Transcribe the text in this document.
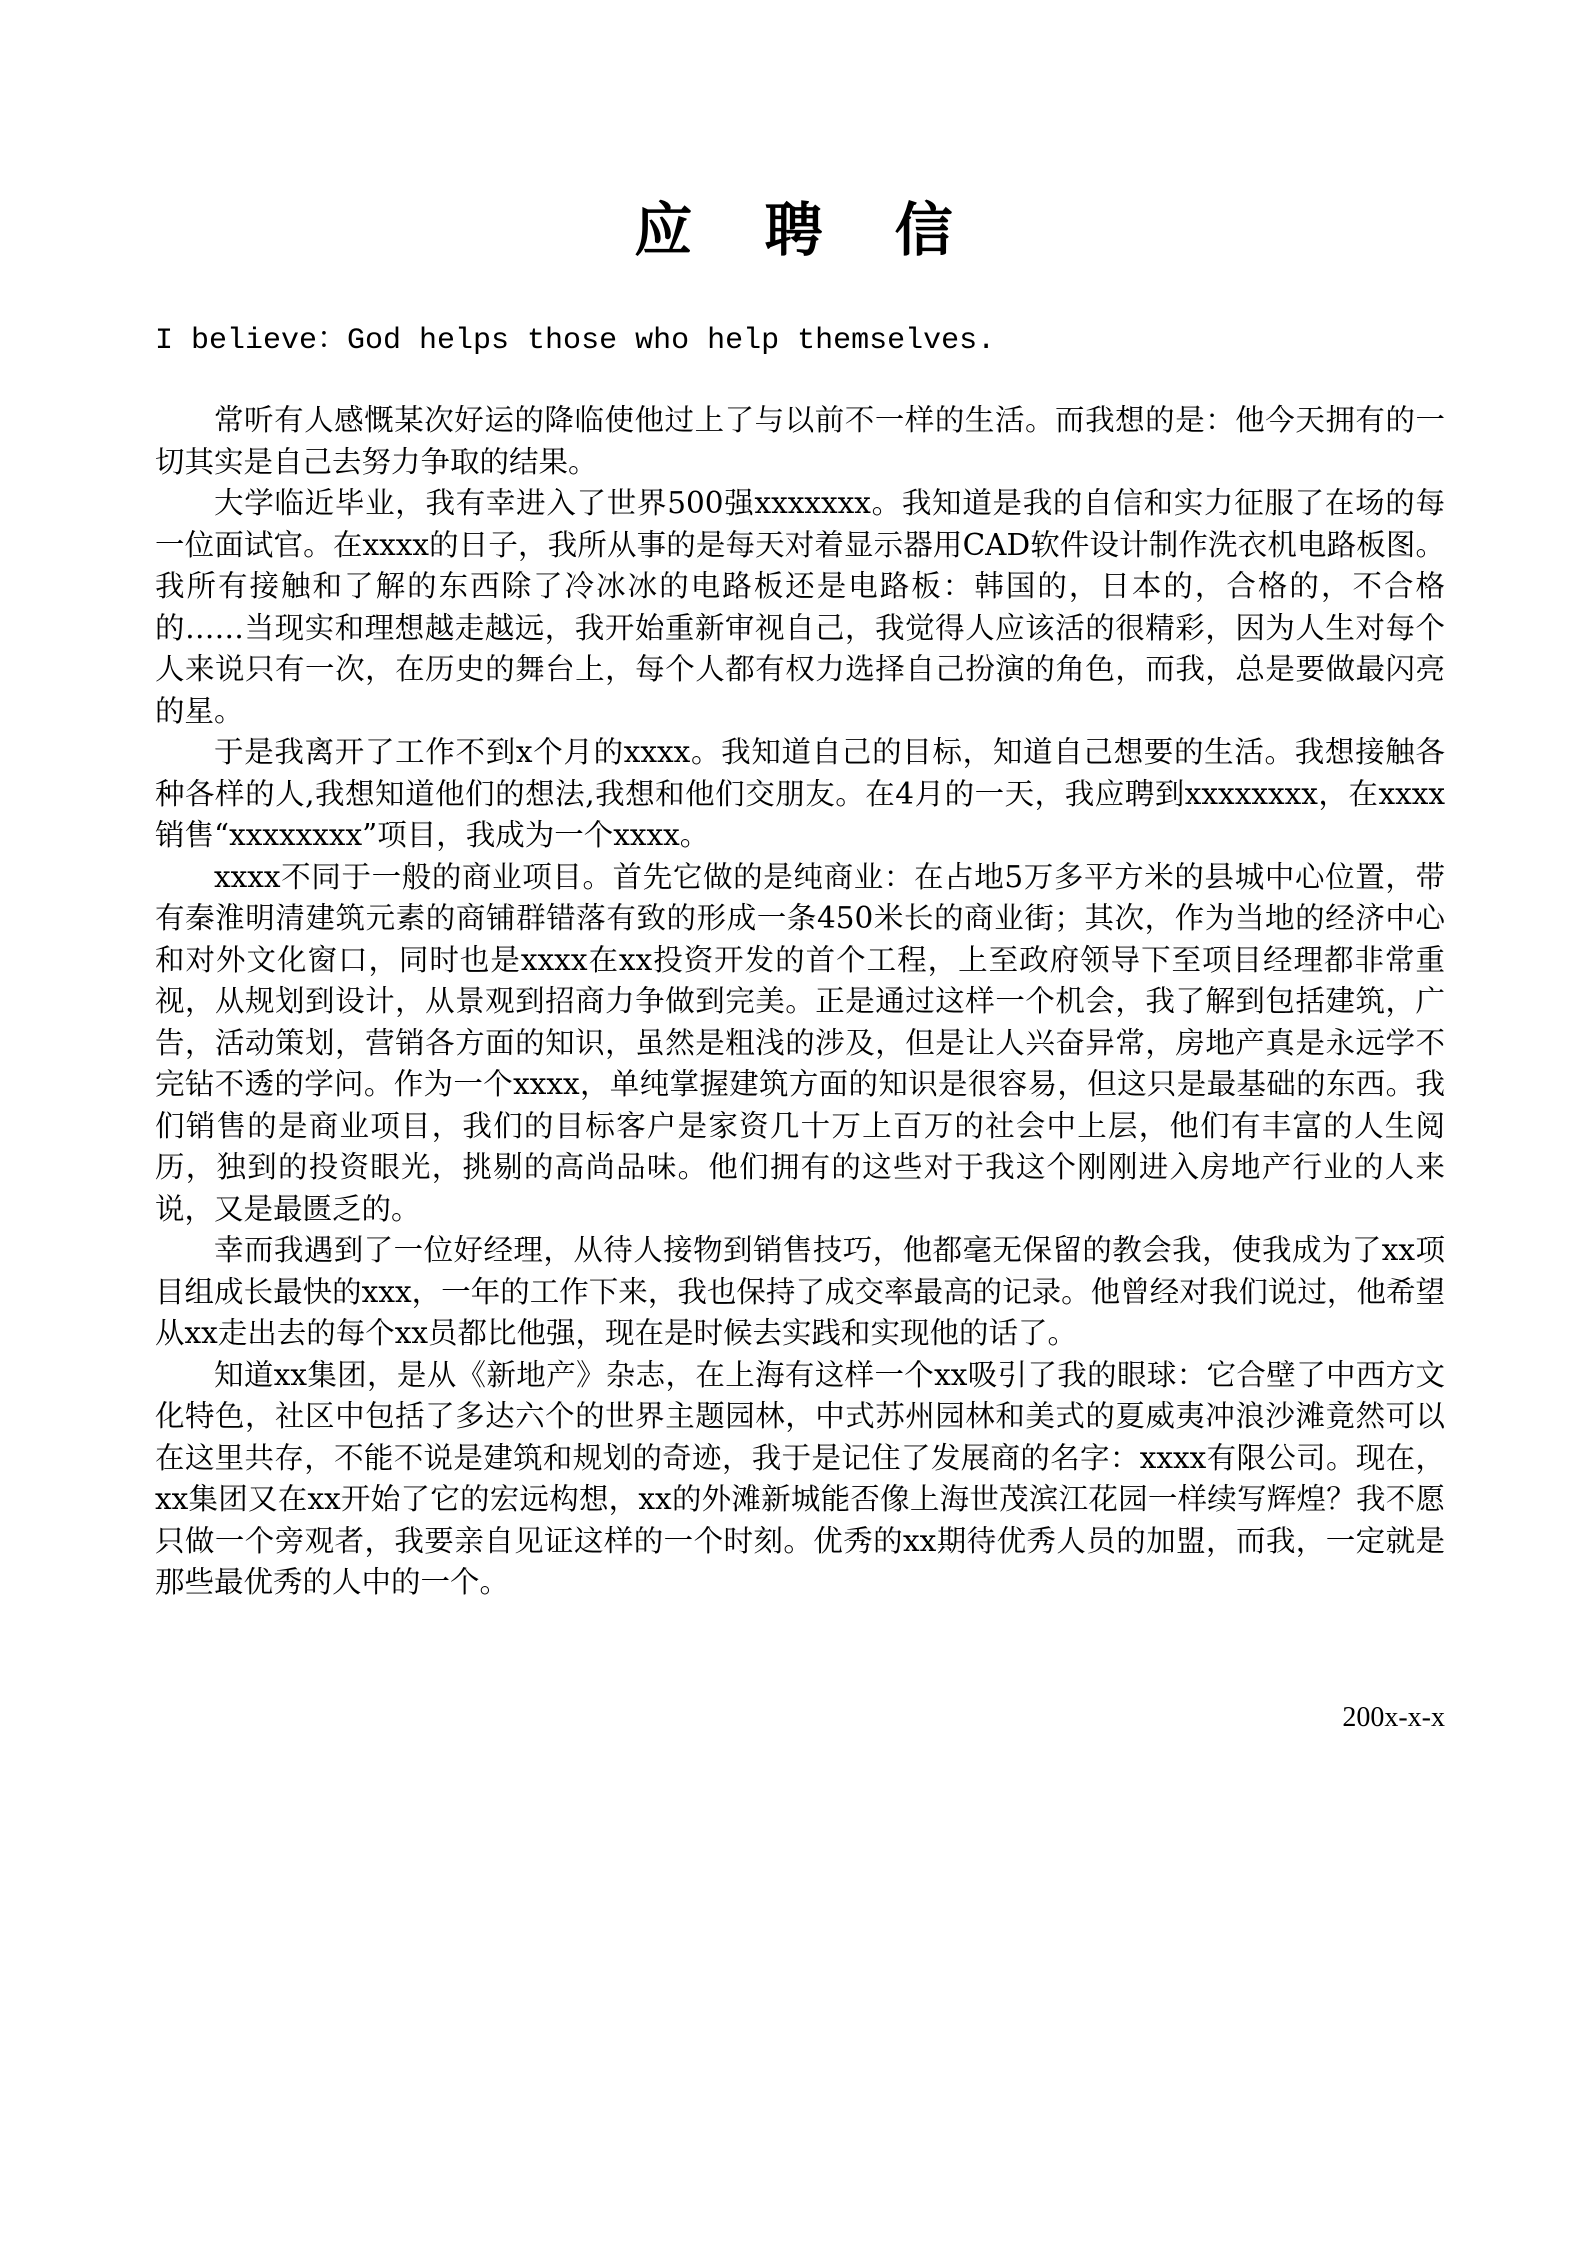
应 聘 信
I believe：God helps those who help themselves.

常听有人感慨某次好运的降临使他过上了与以前不一样的生活。而我想的是：他今天拥有的一切其实是自己去努力争取的结果。

大学临近毕业，我有幸进入了世界500强xxxxxxx。我知道是我的自信和实力征服了在场的每一位面试官。在xxxx的日子，我所从事的是每天对着显示器用CAD软件设计制作洗衣机电路板图。我所有接触和了解的东西除了冷冰冰的电路板还是电路板：韩国的，日本的，合格的，不合格的……当现实和理想越走越远，我开始重新审视自己，我觉得人应该活的很精彩，因为人生对每个人来说只有一次，在历史的舞台上，每个人都有权力选择自己扮演的角色，而我，总是要做最闪亮的星。

于是我离开了工作不到x个月的xxxx。我知道自己的目标，知道自己想要的生活。我想接触各种各样的人,我想知道他们的想法,我想和他们交朋友。在4月的一天，我应聘到xxxxxxxx，在xxxx销售“xxxxxxxx”项目，我成为一个xxxx。

xxxx不同于一般的商业项目。首先它做的是纯商业：在占地5万多平方米的县城中心位置，带有秦淮明清建筑元素的商铺群错落有致的形成一条450米长的商业街；其次，作为当地的经济中心和对外文化窗口，同时也是xxxx在xx投资开发的首个工程，上至政府领导下至项目经理都非常重视，从规划到设计，从景观到招商力争做到完美。正是通过这样一个机会，我了解到包括建筑，广告，活动策划，营销各方面的知识，虽然是粗浅的涉及，但是让人兴奋异常，房地产真是永远学不完钻不透的学问。作为一个xxxx，单纯掌握建筑方面的知识是很容易，但这只是最基础的东西。我们销售的是商业项目，我们的目标客户是家资几十万上百万的社会中上层，他们有丰富的人生阅历，独到的投资眼光，挑剔的高尚品味。他们拥有的这些对于我这个刚刚进入房地产行业的人来说，又是最匮乏的。

幸而我遇到了一位好经理，从待人接物到销售技巧，他都毫无保留的教会我，使我成为了xx项目组成长最快的xxx，一年的工作下来，我也保持了成交率最高的记录。他曾经对我们说过，他希望从xx走出去的每个xx员都比他强，现在是时候去实践和实现他的话了。

知道xx集团，是从《新地产》杂志，在上海有这样一个xx吸引了我的眼球：它合壁了中西方文化特色，社区中包括了多达六个的世界主题园林，中式苏州园林和美式的夏威夷冲浪沙滩竟然可以在这里共存，不能不说是建筑和规划的奇迹，我于是记住了发展商的名字：xxxx有限公司。现在，xx集团又在xx开始了它的宏远构想，xx的外滩新城能否像上海世茂滨江花园一样续写辉煌？我不愿只做一个旁观者，我要亲自见证这样的一个时刻。优秀的xx期待优秀人员的加盟，而我，一定就是那些最优秀的人中的一个。

200x-x-x
